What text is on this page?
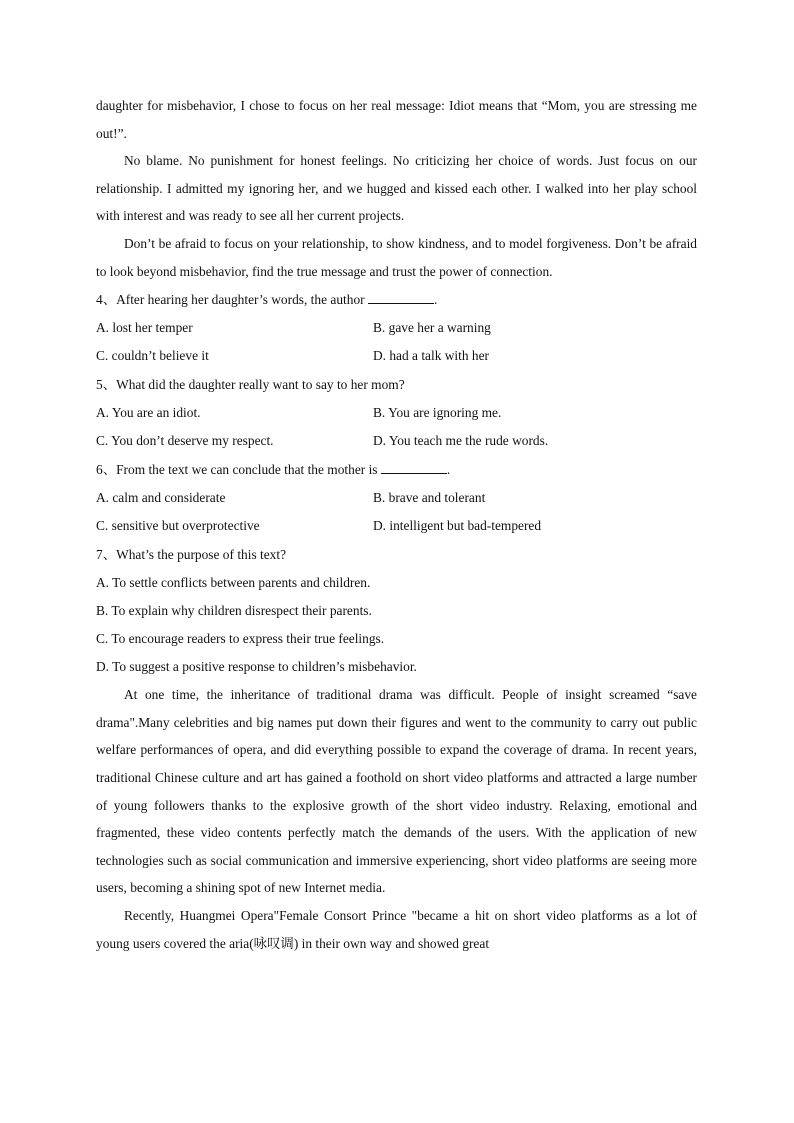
daughter for misbehavior, I chose to focus on her real message: Idiot means that “Mom, you are stressing me out!”.

No blame. No punishment for honest feelings. No criticizing her choice of words. Just focus on our relationship. I admitted my ignoring her, and we hugged and kissed each other. I walked into her play school with interest and was ready to see all her current projects.

Don’t be afraid to focus on your relationship, to show kindness, and to model forgiveness. Don’t be afraid to look beyond misbehavior, find the true message and trust the power of connection.

4、After hearing her daughter’s words, the author	.

A. lost her temper	B. gave her a warning
C. couldn’t believe it	D. had a talk with her

5、What did the daughter really want to say to her mom?

A. You are an idiot.	B. You are ignoring me.
C. You don’t deserve my respect.	D. You teach me the rude words.

6、From the text we can conclude that the mother is	.

A. calm and considerate	B. brave and tolerant
C. sensitive but overprotective	D. intelligent but bad-tempered

7、What’s the purpose of this text?

A. To settle conflicts between parents and children.
B. To explain why children disrespect their parents.
C. To encourage readers to express their true feelings.
D. To suggest a positive response to children’s misbehavior.

At one time, the inheritance of traditional drama was difficult. People of insight screamed “save drama".Many celebrities and big names put down their figures and went to the community to carry out public welfare performances of opera, and did everything possible to expand the coverage of drama. In recent years, traditional Chinese culture and art has gained a foothold on short video platforms and attracted a large number of young followers thanks to the explosive growth of the short video industry. Relaxing, emotional and fragmented, these video contents perfectly match the demands of the users. With the application of new technologies such as social communication and immersive experiencing, short video platforms are seeing more users, becoming a shining spot of new Internet media.

Recently, Huangmei Opera"Female Consort Prince "became a hit on short video platforms as a lot of young users covered the aria(咏叹调) in their own way and showed great
